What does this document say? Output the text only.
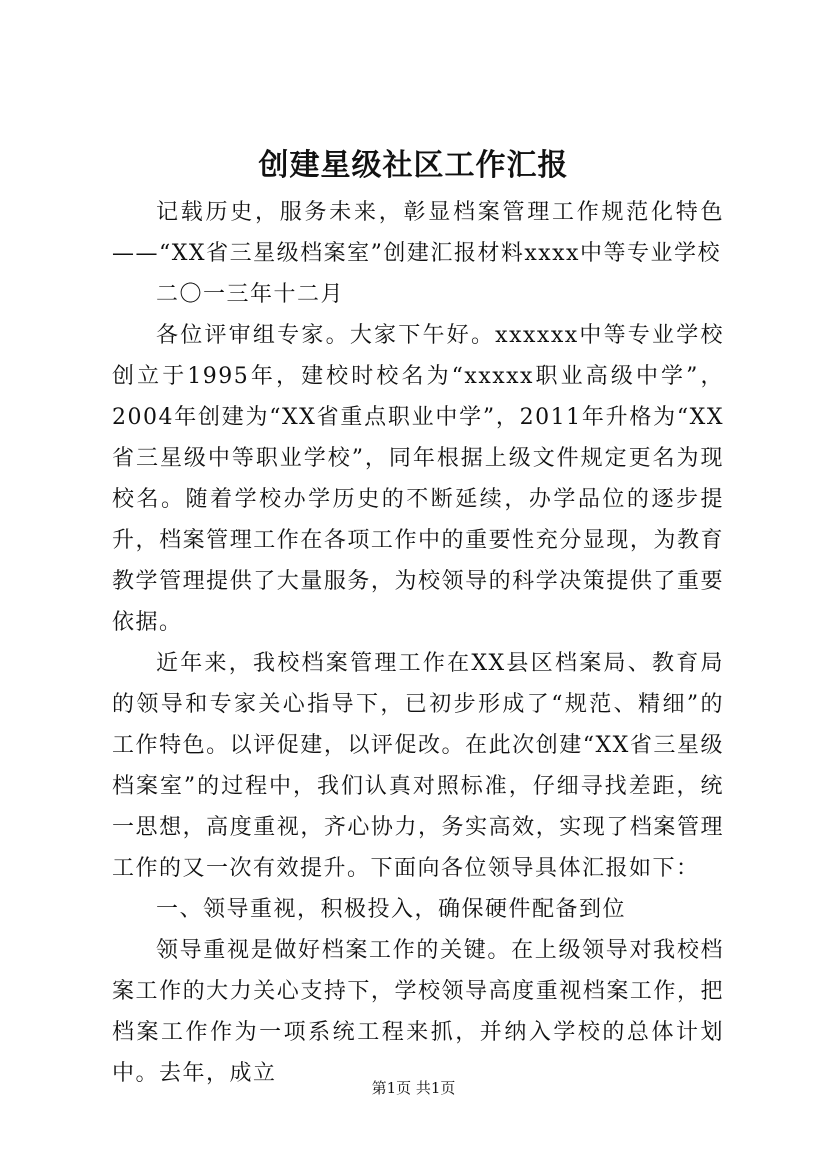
创建星级社区工作汇报

记载历史，服务未来，彰显档案管理工作规范化特色——“XX省三星级档案室”创建汇报材料xxxx中等专业学校

二〇一三年十二月

各位评审组专家。大家下午好。xxxxxx中等专业学校创立于1995年，建校时校名为“xxxxx职业高级中学”，2004年创建为“XX省重点职业中学”，2011年升格为“XX省三星级中等职业学校”，同年根据上级文件规定更名为现校名。随着学校办学历史的不断延续，办学品位的逐步提升，档案管理工作在各项工作中的重要性充分显现，为教育教学管理提供了大量服务，为校领导的科学决策提供了重要依据。

近年来，我校档案管理工作在XX县区档案局、教育局的领导和专家关心指导下，已初步形成了“规范、精细”的工作特色。以评促建，以评促改。在此次创建“XX省三星级档案室”的过程中，我们认真对照标准，仔细寻找差距，统一思想，高度重视，齐心协力，务实高效，实现了档案管理工作的又一次有效提升。下面向各位领导具体汇报如下：

一、领导重视，积极投入，确保硬件配备到位

领导重视是做好档案工作的关键。在上级领导对我校档案工作的大力关心支持下，学校领导高度重视档案工作，把档案工作作为一项系统工程来抓，并纳入学校的总体计划中。去年，成立

第1页 共1页
